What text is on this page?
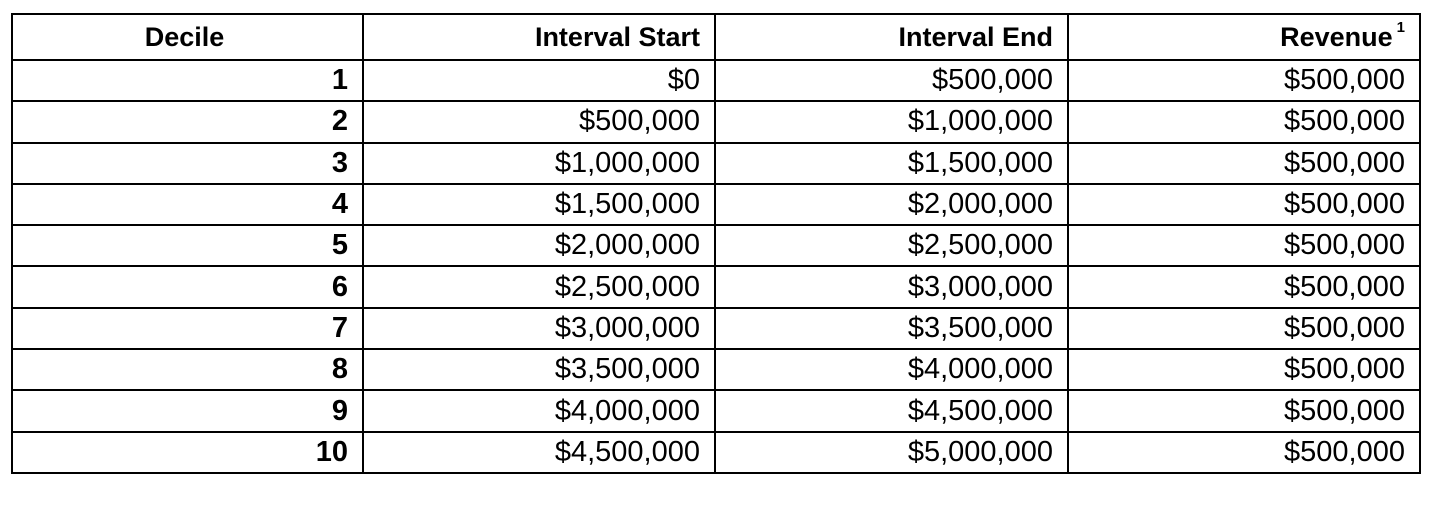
Decile	Interval Start	Interval End	Revenue $^1$
1	$0	$500,000	$500,000
2	$500,000	$1,000,000	$500,000
3	$1,000,000	$1,500,000	$500,000
4	$1,500,000	$2,000,000	$500,000
5	$2,000,000	$2,500,000	$500,000
6	$2,500,000	$3,000,000	$500,000
7	$3,000,000	$3,500,000	$500,000
8	$3,500,000	$4,000,000	$500,000
9	$4,000,000	$4,500,000	$500,000
10	$4,500,000	$5,000,000	$500,000
